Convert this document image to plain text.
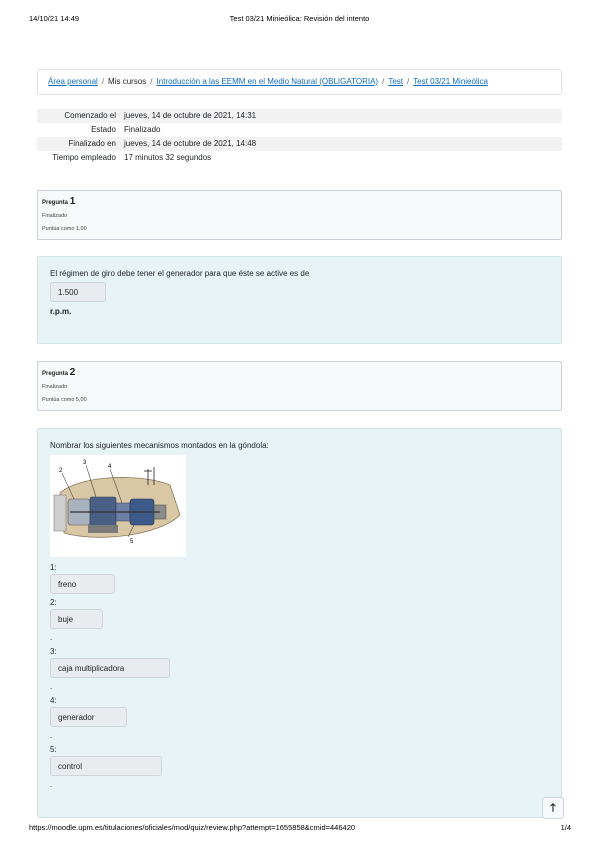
Test 03/21 Minieólica: Revisión del intento
14/10/21 14:49
Área personal / Mis cursos / Introducción a las EEMM en el Medio Natural (OBLIGATORIA) / Test / Test 03/21 Minieólica
Comenzado el	jueves, 14 de octubre de 2021, 14:31
Estado	Finalizado
Finalizado en	jueves, 14 de octubre de 2021, 14:48
Tiempo empleado	17 minutos 32 segundos
Pregunta 1
Finalizado
Puntúa como 1,00
El régimen de giro debe tener el generador para que éste se active es de
1.500
r.p.m.
Pregunta 2
Finalizado
Puntúa como 5,00
Nombrar los siguientes mecanismos montados en la góndola:
2
3
4
5
1:
freno
2:
buje
.
3:
caja multiplicadora
.
4:
generador
.
5:
control
.
🡑
https://moodle.upm.es/titulaciones/oficiales/mod/quiz/review.php?attempt=1655858&cmid=446420	1/4
